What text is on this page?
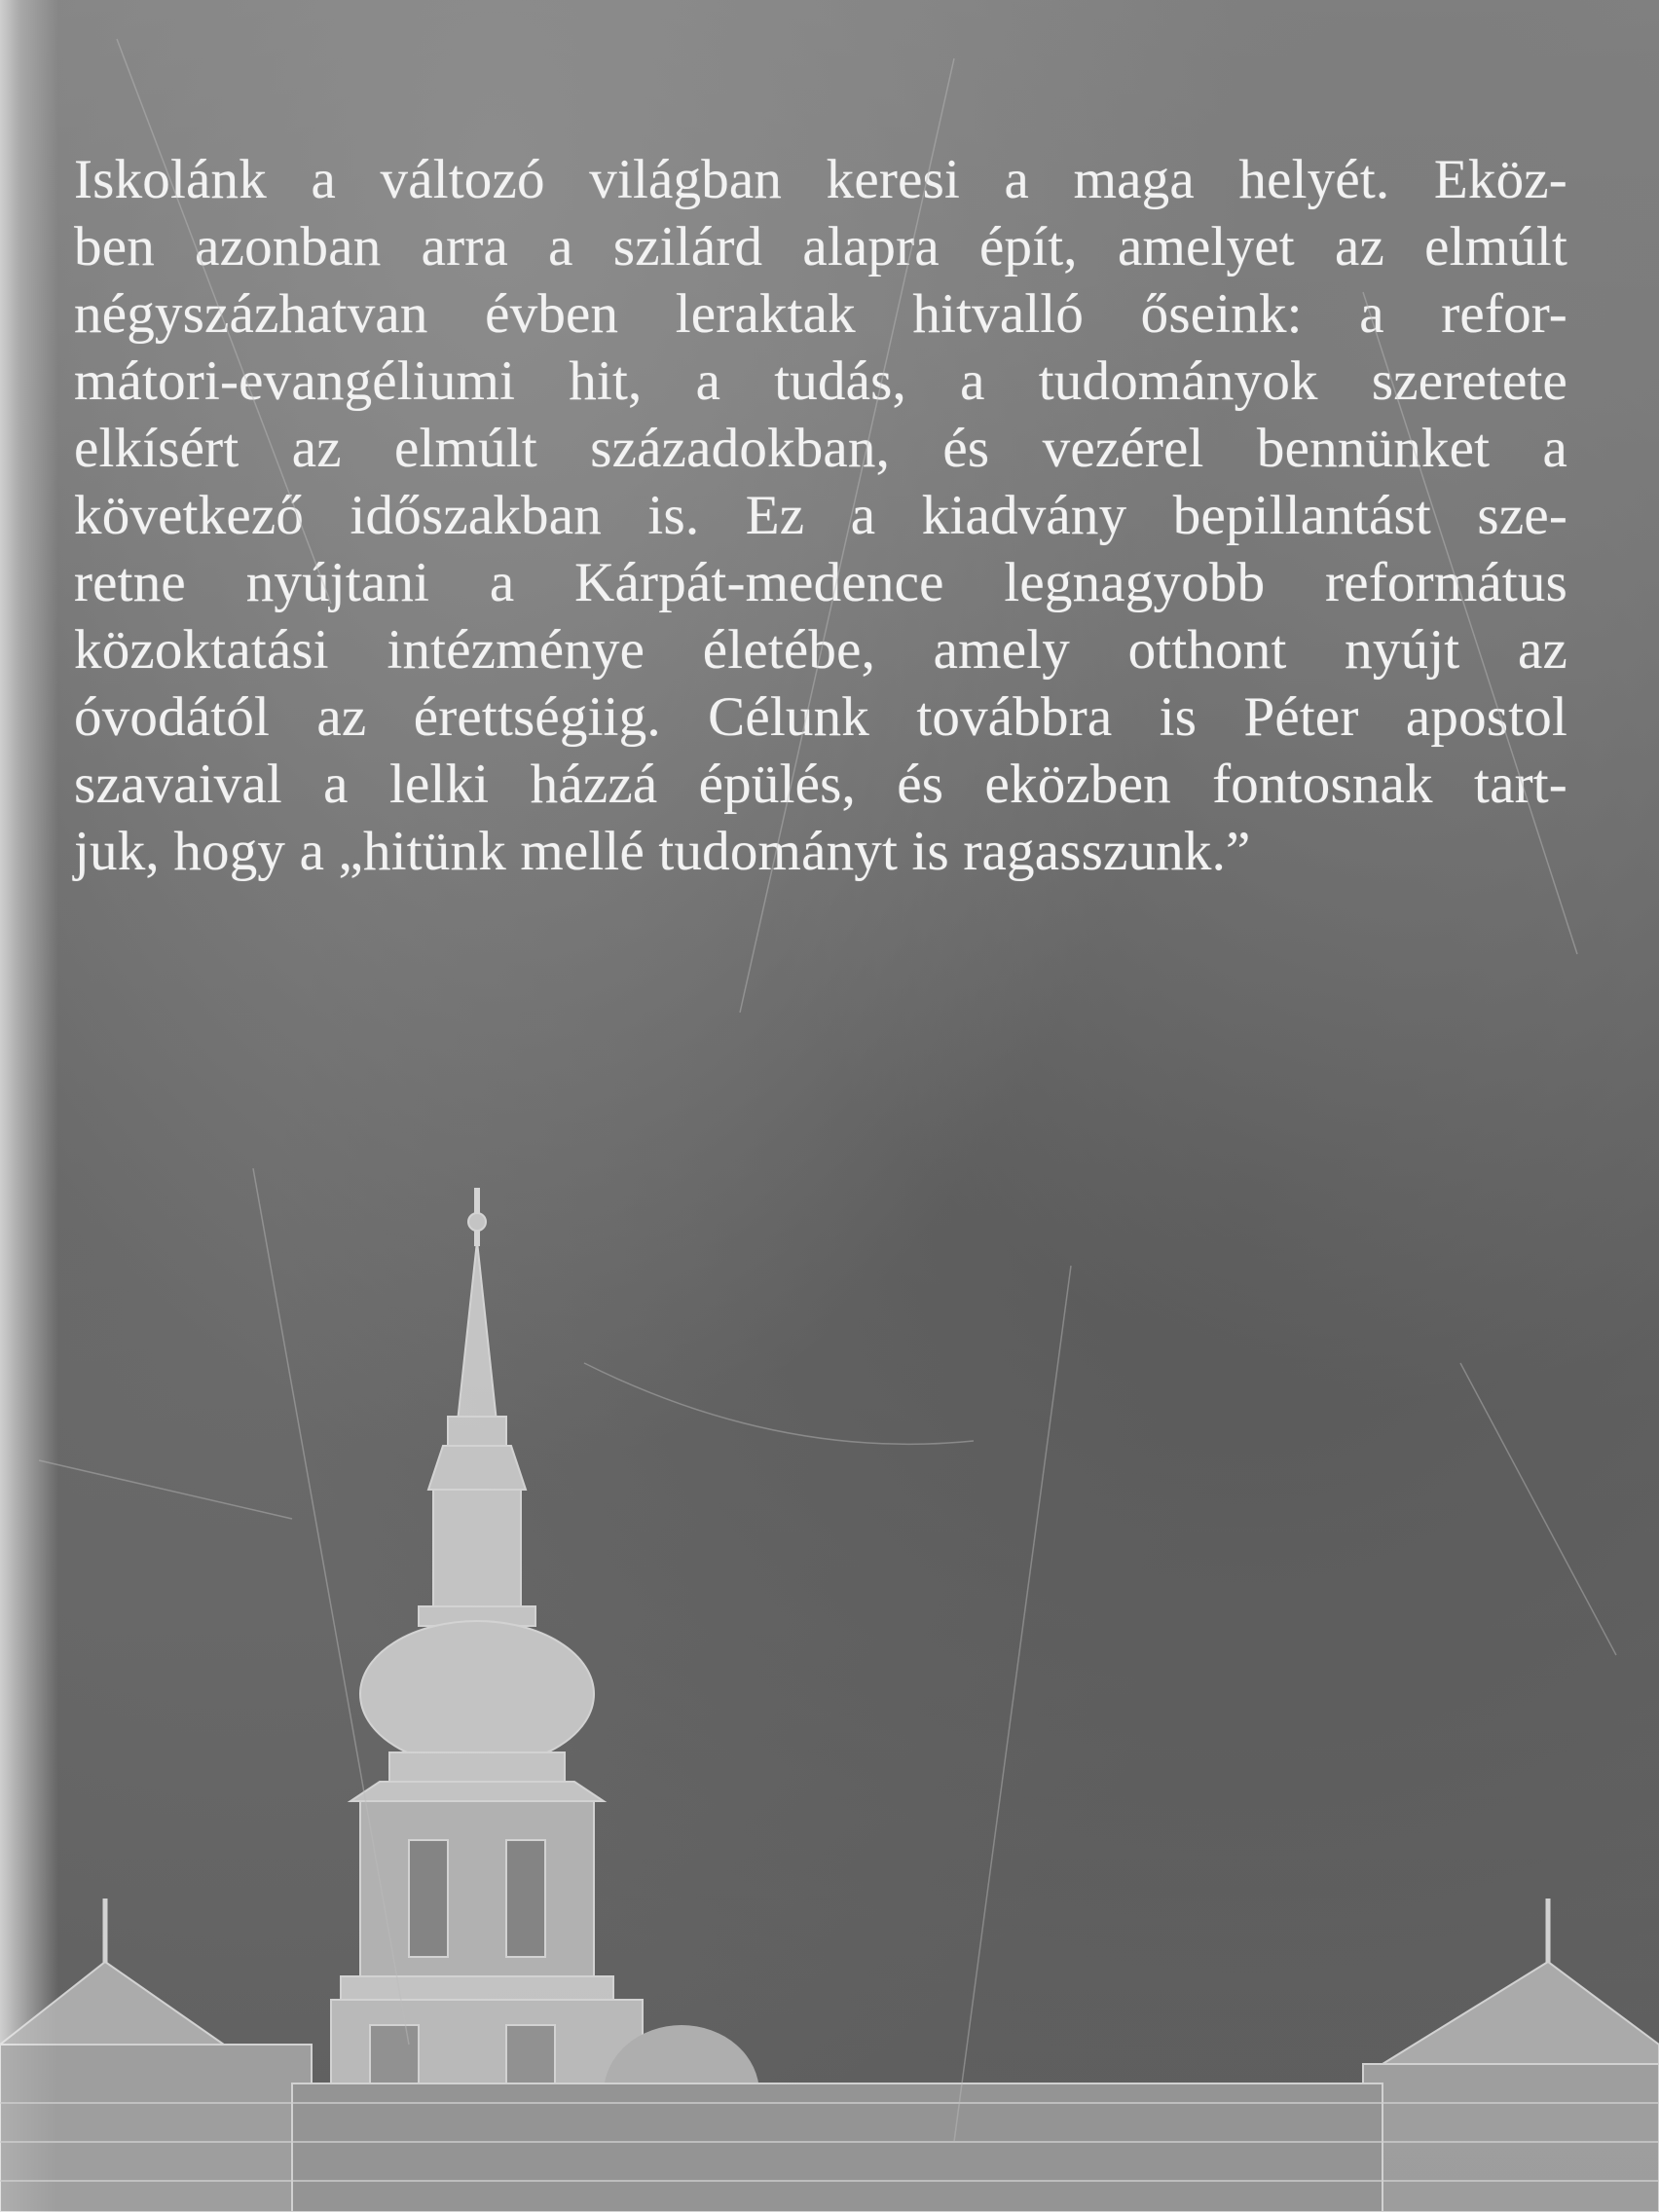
Iskolánk a változó világban keresi a maga helyét. Eköz-
ben azonban arra a szilárd alapra épít, amelyet az elmúlt
négyszázhatvan évben leraktak hitvalló őseink: a refor-
mátori-evangéliumi hit, a tudás, a tudományok szeretete
elkísért az elmúlt századokban, és vezérel bennünket a
következő időszakban is. Ez a kiadvány bepillantást sze-
retne nyújtani a Kárpát-medence legnagyobb református
közoktatási intézménye életébe, amely otthont nyújt az
óvodától az érettségiig. Célunk továbbra is Péter apostol
szavaival a lelki házzá épülés, és eközben fontosnak tart-
juk, hogy a „hitünk mellé tudományt is ragasszunk.”
